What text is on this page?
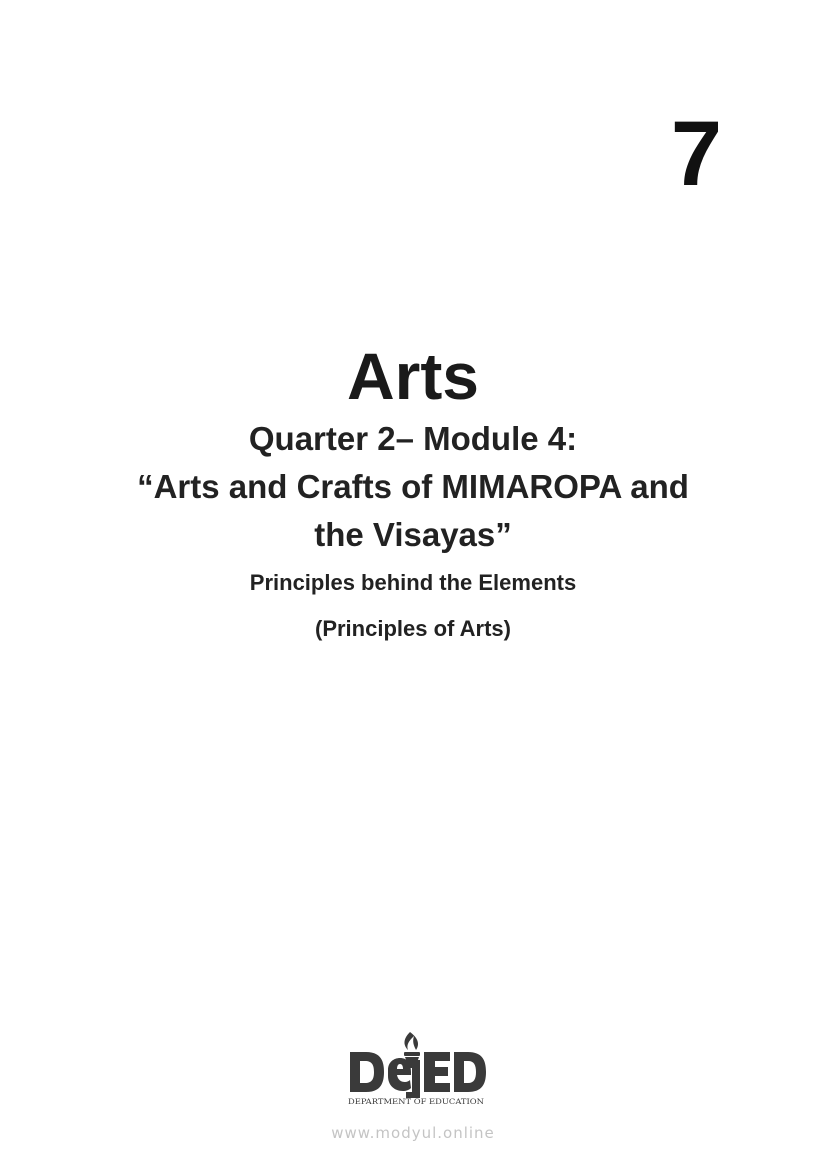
7
Arts
Quarter 2– Module 4:
“Arts and Crafts of MIMAROPA and
the Visayas”
Principles behind the Elements
(Principles of Arts)
DEPARTMENT OF EDUCATION
www.modyul.online
